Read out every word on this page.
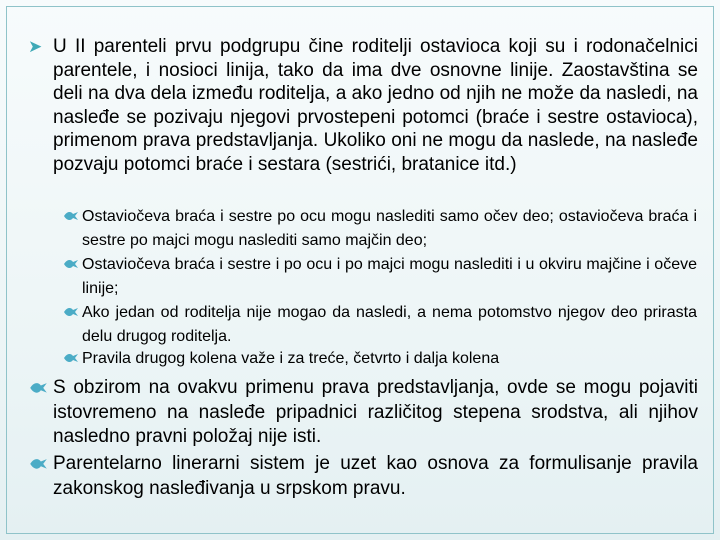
➤ U II parenteli prvu podgrupu čine roditelji ostavioca koji su i rodonačelnici parentele, i nosioci linija, tako da ima dve osnovne linije. Zaostavština se deli na dva dela između roditelja, a ako jedno od njih ne može da nasledi, na nasleđe se pozivaju njegovi prvostepeni potomci (braće i sestre ostavioca), primenom prava predstavljanja. Ukoliko oni ne mogu da naslede, na nasleđe pozvaju potomci braće i sestara (sestrići, bratanice itd.)
Ostaviočeva braća i sestre po ocu mogu naslediti samo očev deo; ostaviočeva braća i sestre po majci mogu naslediti samo majčin deo;
Ostaviočeva braća i sestre i po ocu i po majci mogu naslediti i u okviru majčine i očeve linije;
Ako jedan od roditelja nije mogao da nasledi, a nema potomstvo njegov deo prirasta delu drugog roditelja.
Pravila drugog kolena važe i za treće, četvrto i dalja kolena
S obzirom na ovakvu primenu prava predstavljanja, ovde se mogu pojaviti istovremeno na nasleđe pripadnici različitog stepena srodstva, ali njihov nasledno pravni položaj nije isti.
Parentelarno linerarni sistem je uzet kao osnova za formulisanje pravila zakonskog nasleđivanja u srpskom pravu.
